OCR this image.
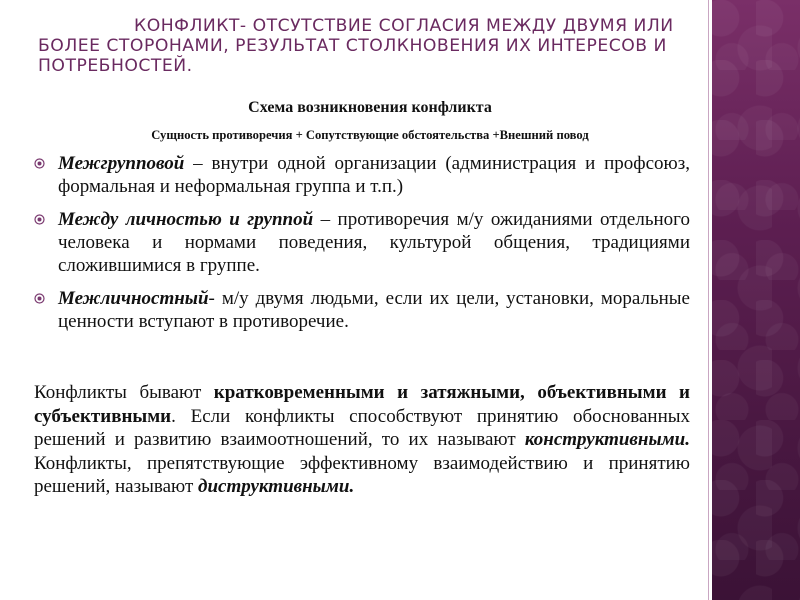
КОНФЛИКТ- ОТСУТСТВИЕ СОГЛАСИЯ МЕЖДУ ДВУМЯ ИЛИ
БОЛЕЕ СТОРОНАМИ, РЕЗУЛЬТАТ СТОЛКНОВЕНИЯ ИХ ИНТЕРЕСОВ И
ПОТРЕБНОСТЕЙ.
Схема возникновения конфликта
Сущность противоречия + Сопутствующие обстоятельства +Внешний повод
Межгрупповой – внутри одной организации (администрация и профсоюз, формальная и неформальная группа и т.п.)
Между личностью и группой – противоречия м/у ожиданиями отдельного человека и нормами поведения, культурой общения, традициями сложившимися в группе.
Межличностный- м/у двумя людьми, если их цели, установки, моральные ценности вступают в противоречие.
Конфликты бывают кратковременными и затяжными, объективными и субъективными. Если конфликты способствуют принятию обоснованных решений и развитию взаимоотношений, то их называют конструктивными. Конфликты, препятствующие эффективному взаимодействию и принятию решений, называют диструктивными.
